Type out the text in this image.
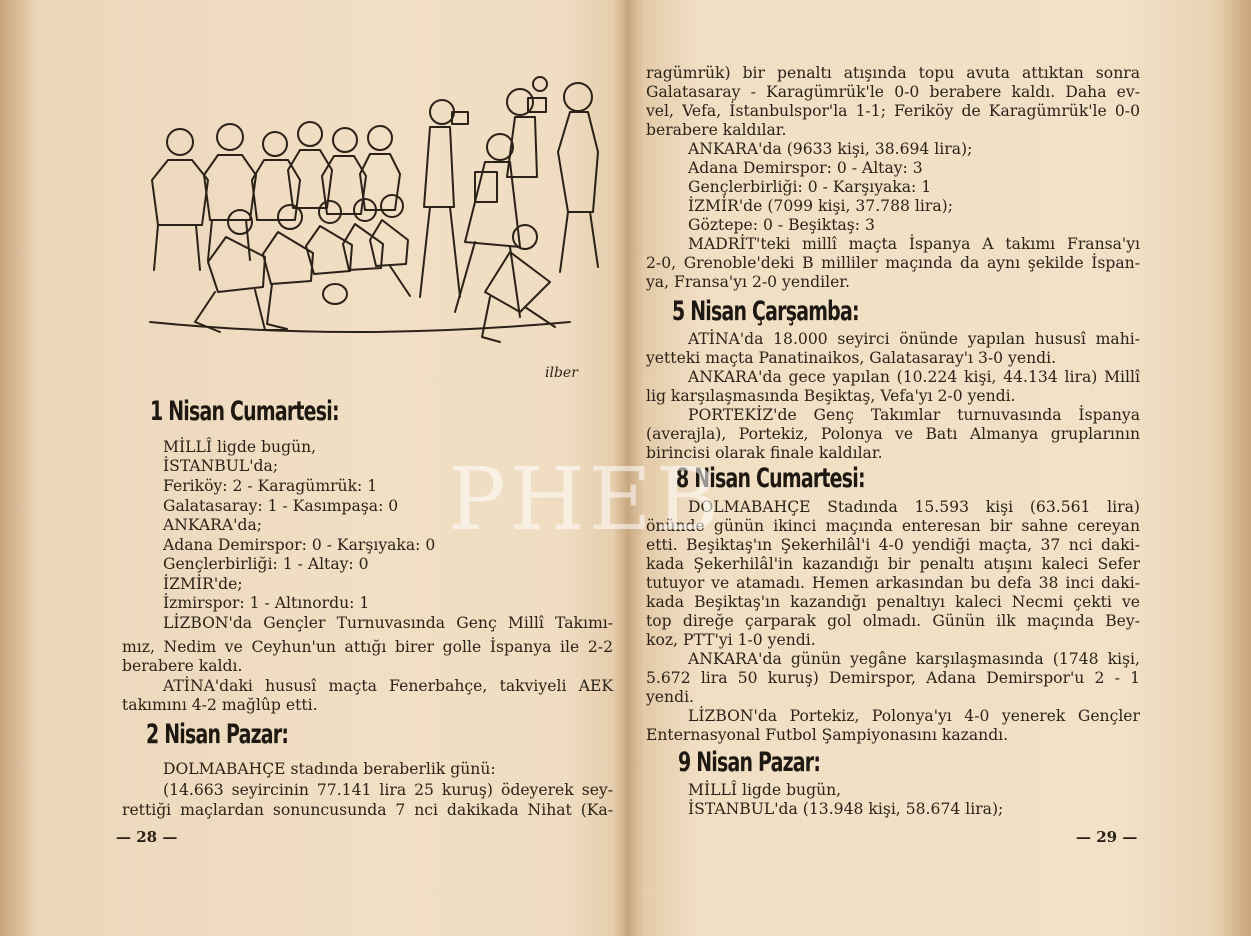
ilber
1 Nisan Cumartesi:
MİLLÎ ligde bugün,
İSTANBUL'da;
Feriköy: 2 - Karagümrük: 1
Galatasaray: 1 - Kasımpaşa: 0
ANKARA'da;
Adana Demirspor: 0 - Karşıyaka: 0
Gençlerbirliği: 1 - Altay: 0
İZMİR'de;
İzmirspor: 1 - Altınordu: 1
LİZBON'da Gençler Turnuvasında Genç Millî Takımı-
mız, Nedim ve Ceyhun'un attığı birer golle İspanya ile 2-2
berabere kaldı.
ATİNA'daki hususî maçta Fenerbahçe, takviyeli AEK
takımını 4-2 mağlûp etti.
2 Nisan Pazar:
DOLMABAHÇE stadında beraberlik günü:
(14.663 seyircinin 77.141 lira 25 kuruş) ödeyerek sey-
rettiği maçlardan sonuncusunda 7 nci dakikada Nihat (Ka-
— 28 —
ragümrük) bir penaltı atışında topu avuta attıktan sonra
Galatasaray - Karagümrük'le 0-0 berabere kaldı. Daha ev-
vel, Vefa, İstanbulspor'la 1-1; Feriköy de Karagümrük'le 0-0
berabere kaldılar.
ANKARA'da (9633 kişi, 38.694 lira);
Adana Demirspor: 0 - Altay: 3
Gençlerbirliği: 0 - Karşıyaka: 1
İZMİR'de (7099 kişi, 37.788 lira);
Göztepe: 0 - Beşiktaş: 3
MADRİT'teki millî maçta İspanya A takımı Fransa'yı
2-0, Grenoble'deki B milliler maçında da aynı şekilde İspan-
ya, Fransa'yı 2-0 yendiler.
5 Nisan Çarşamba:
ATİNA'da 18.000 seyirci önünde yapılan hususî mahi-
yetteki maçta Panatinaikos, Galatasaray'ı 3-0 yendi.
ANKARA'da gece yapılan (10.224 kişi, 44.134 lira) Millî
lig karşılaşmasında Beşiktaş, Vefa'yı 2-0 yendi.
PORTEKİZ'de Genç Takımlar turnuvasında İspanya
(averajla), Portekiz, Polonya ve Batı Almanya gruplarının
birincisi olarak finale kaldılar.
8 Nisan Cumartesi:
DOLMABAHÇE Stadında 15.593 kişi (63.561 lira)
önünde günün ikinci maçında enteresan bir sahne cereyan
etti. Beşiktaş'ın Şekerhilâl'i 4-0 yendiği maçta, 37 nci daki-
kada Şekerhilâl'in kazandığı bir penaltı atışını kaleci Sefer
tutuyor ve atamadı. Hemen arkasından bu defa 38 inci daki-
kada Beşiktaş'ın kazandığı penaltıyı kaleci Necmi çekti ve
top direğe çarparak gol olmadı. Günün ilk maçında Bey-
koz, PTT'yi 1-0 yendi.
ANKARA'da günün yegâne karşılaşmasında (1748 kişi,
5.672 lira 50 kuruş) Demirspor, Adana Demirspor'u 2 - 1
yendi.
LİZBON'da Portekiz, Polonya'yı 4-0 yenerek Gençler
Enternasyonal Futbol Şampiyonasını kazandı.
9 Nisan Pazar:
MİLLÎ ligde bugün,
İSTANBUL'da (13.948 kişi, 58.674 lira);
— 29 —
PHEB
